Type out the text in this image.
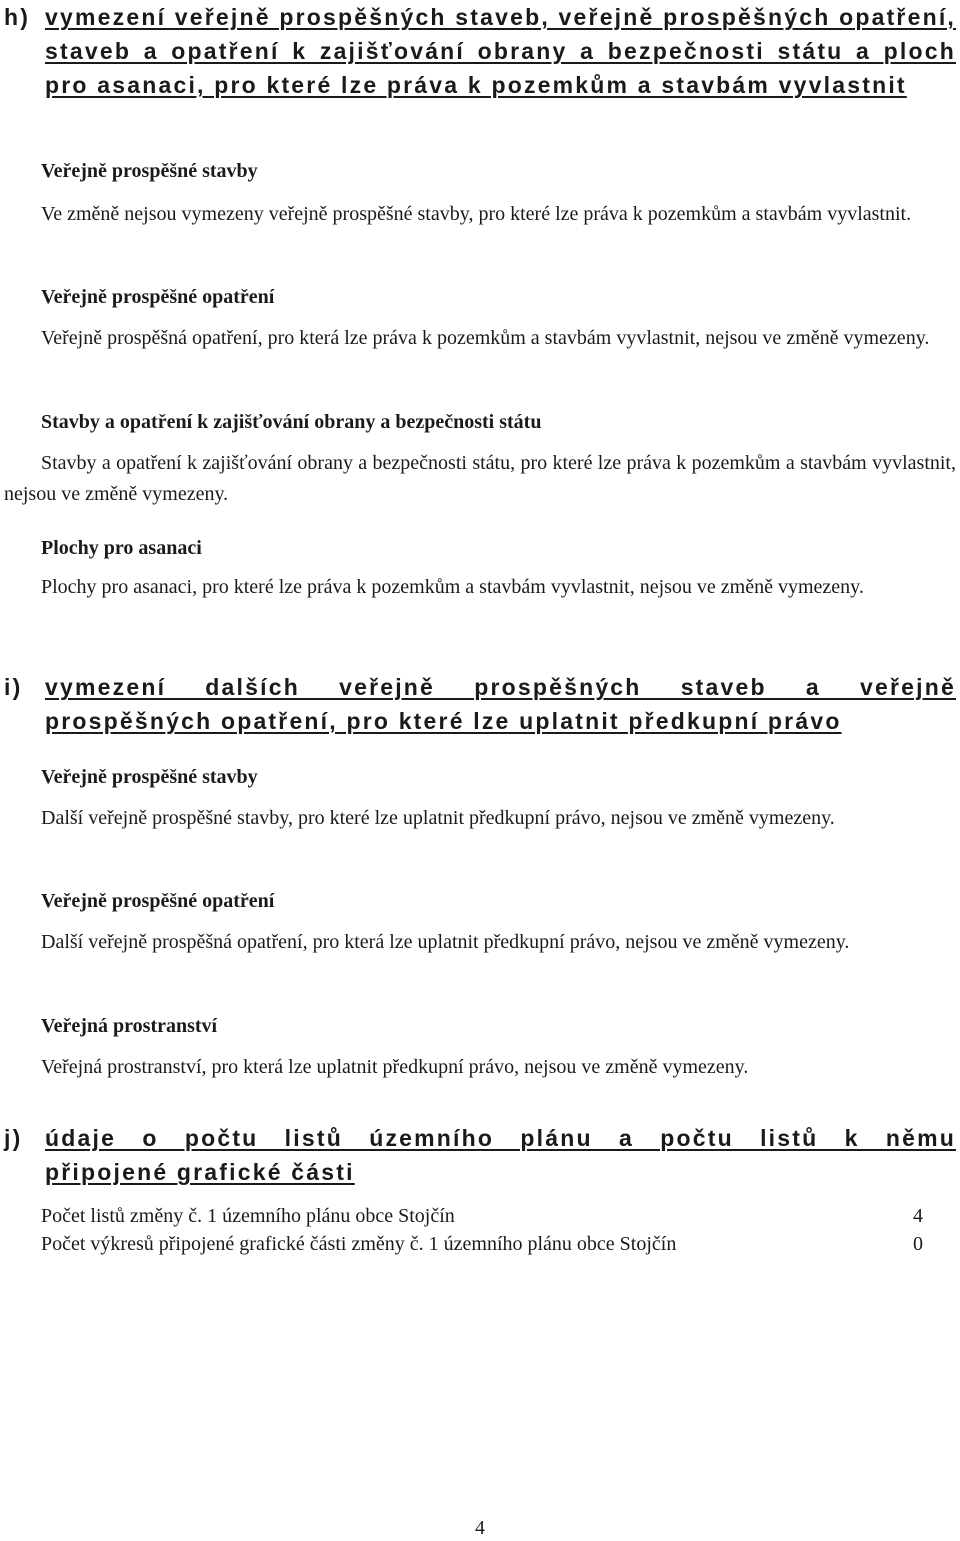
h) vymezení veřejně prospěšných staveb, veřejně prospěšných opatření, staveb a opatření k zajišťování obrany a bezpečnosti státu a ploch pro asanaci, pro které lze práva k pozemkům a stavbám vyvlastnit
Veřejně prospěšné stavby
Ve změně nejsou vymezeny veřejně prospěšné stavby, pro které lze práva k pozemkům a stavbám vyvlastnit.
Veřejně prospěšné opatření
Veřejně prospěšná opatření, pro která lze práva k pozemkům a stavbám vyvlastnit, nejsou ve změně vymezeny.
Stavby a opatření k zajišťování obrany a bezpečnosti státu
Stavby a opatření k zajišťování obrany a bezpečnosti státu, pro které lze práva k pozemkům a stavbám vyvlastnit, nejsou ve změně vymezeny.
Plochy pro asanaci
Plochy pro asanaci, pro které lze práva k pozemkům a stavbám vyvlastnit, nejsou ve změně vymezeny.
i) vymezení dalších veřejně prospěšných staveb a veřejně
prospěšných opatření, pro které lze uplatnit předkupní právo
Veřejně prospěšné stavby
Další veřejně prospěšné stavby, pro které lze uplatnit předkupní právo, nejsou ve změně vymezeny.
Veřejně prospěšné opatření
Další veřejně prospěšná opatření, pro která lze uplatnit předkupní právo, nejsou ve změně vymezeny.
Veřejná prostranství
Veřejná prostranství, pro která lze uplatnit předkupní právo, nejsou ve změně vymezeny.
j) údaje o počtu listů územního plánu a počtu listů k němu
připojené grafické části
Počet listů změny č. 1 územního plánu obce Stojčín	4
Počet výkresů připojené grafické části změny č. 1 územního plánu obce Stojčín	0
4
